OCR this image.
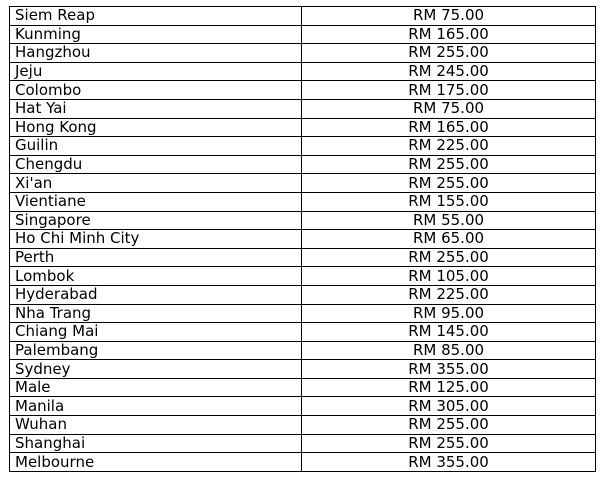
Siem Reap	RM 75.00
Kunming	RM 165.00
Hangzhou	RM 255.00
Jeju	RM 245.00
Colombo	RM 175.00
Hat Yai	RM 75.00
Hong Kong	RM 165.00
Guilin	RM 225.00
Chengdu	RM 255.00
Xi'an	RM 255.00
Vientiane	RM 155.00
Singapore	RM 55.00
Ho Chi Minh City	RM 65.00
Perth	RM 255.00
Lombok	RM 105.00
Hyderabad	RM 225.00
Nha Trang	RM 95.00
Chiang Mai	RM 145.00
Palembang	RM 85.00
Sydney	RM 355.00
Male	RM 125.00
Manila	RM 305.00
Wuhan	RM 255.00
Shanghai	RM 255.00
Melbourne	RM 355.00
